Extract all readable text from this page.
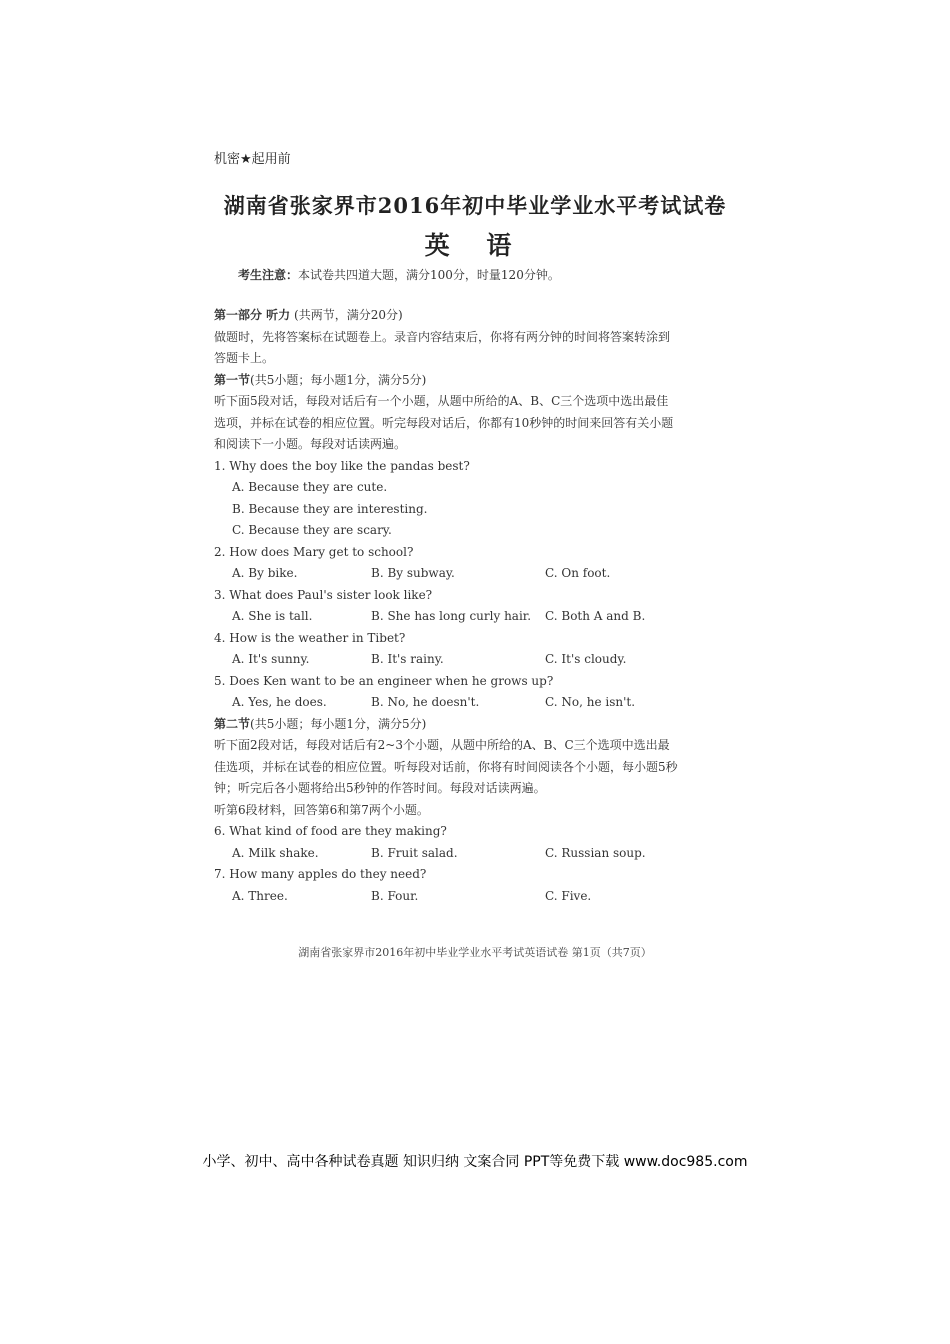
机密★起用前
湖南省张家界市2016年初中毕业学业水平考试试卷
英 语
考生注意：本试卷共四道大题，满分100分，时量120分钟。
第一部分 听力 (共两节，满分20分)
做题时，先将答案标在试题卷上。录音内容结束后，你将有两分钟的时间将答案转涂到
答题卡上。
第一节(共5小题；每小题1分，满分5分)
听下面5段对话，每段对话后有一个小题，从题中所给的A、B、C三个选项中选出最佳
选项，并标在试卷的相应位置。听完每段对话后，你都有10秒钟的时间来回答有关小题
和阅读下一小题。每段对话读两遍。
1. Why does the boy like the pandas best?
A. Because they are cute.
B. Because they are interesting.
C. Because they are scary.
2. How does Mary get to school?
A. By bike.	B. By subway.	C. On foot.
3. What does Paul's sister look like?
A. She is tall.	B. She has long curly hair. C. Both A and B.
4. How is the weather in Tibet?
A. It's sunny.	B. It's rainy.	C. It's cloudy.
5. Does Ken want to be an engineer when he grows up?
A. Yes, he does.	B. No, he doesn't.	C. No, he isn't.
第二节(共5小题；每小题1分，满分5分)
听下面2段对话，每段对话后有2~3个小题，从题中所给的A、B、C三个选项中选出最
佳选项，并标在试卷的相应位置。听每段对话前，你将有时间阅读各个小题，每小题5秒
钟；听完后各小题将给出5秒钟的作答时间。每段对话读两遍。
听第6段材料，回答第6和第7两个小题。
6. What kind of food are they making?
A. Milk shake.	B. Fruit salad.	C. Russian soup.
7. How many apples do they need?
A. Three.	B. Four.	C. Five.
湖南省张家界市2016年初中毕业学业水平考试英语试卷 第1页（共7页）
小学、初中、高中各种试卷真题 知识归纳 文案合同 PPT等免费下载 www.doc985.com
